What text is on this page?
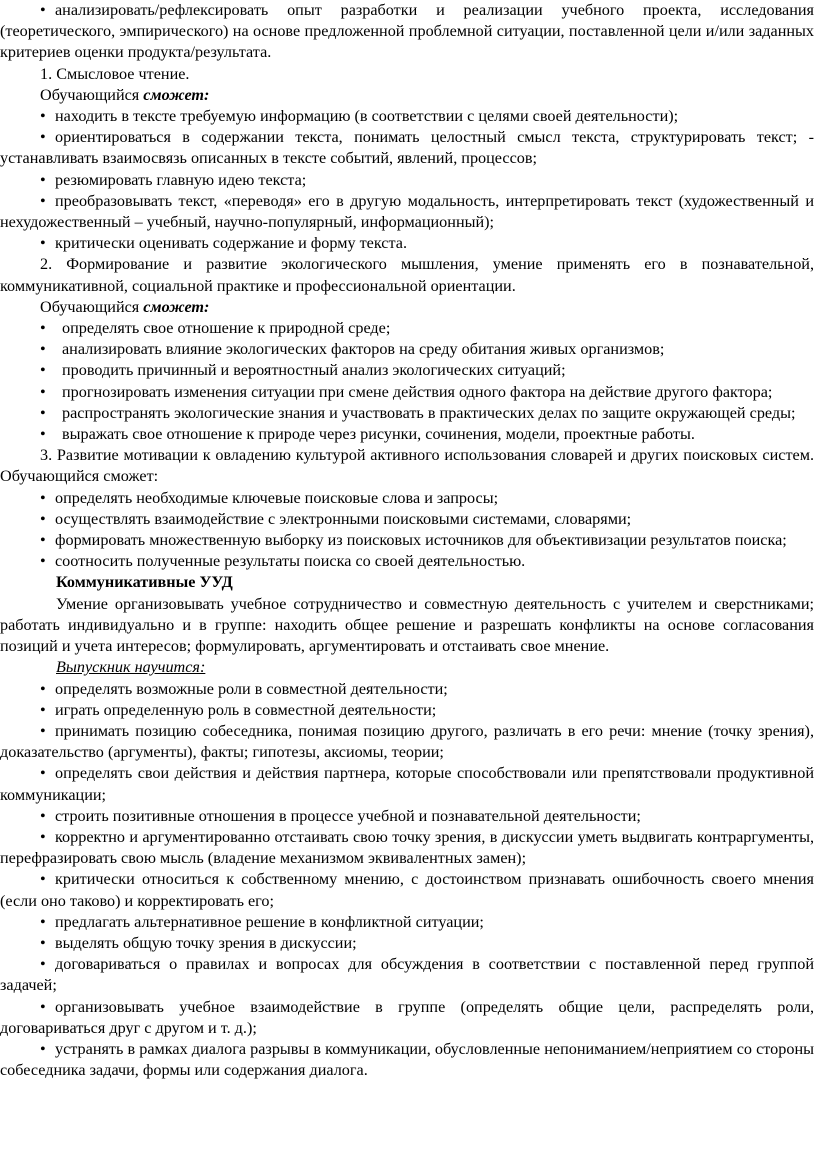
• анализировать/рефлексировать опыт разработки и реализации учебного проекта, исследования (теоретического, эмпирического) на основе предложенной проблемной ситуации, поставленной цели и/или заданных критериев оценки продукта/результата.

1. Смысловое чтение.

Обучающийся сможет:

• находить в тексте требуемую информацию (в соответствии с целями своей деятельности);

• ориентироваться в содержании текста, понимать целостный смысл текста, структурировать текст; - устанавливать взаимосвязь описанных в тексте событий, явлений, процессов;

• резюмировать главную идею текста;

• преобразовывать текст, «переводя» его в другую модальность, интерпретировать текст (художественный и нехудожественный – учебный, научно-популярный, информационный);

• критически оценивать содержание и форму текста.

2. Формирование и развитие экологического мышления, умение применять его в познавательной, коммуникативной, социальной практике и профессиональной ориентации.

Обучающийся сможет:

• определять свое отношение к природной среде;

• анализировать влияние экологических факторов на среду обитания живых организмов;

• проводить причинный и вероятностный анализ экологических ситуаций;

• прогнозировать изменения ситуации при смене действия одного фактора на действие другого фактора;

• распространять экологические знания и участвовать в практических делах по защите окружающей среды;

• выражать свое отношение к природе через рисунки, сочинения, модели, проектные работы.

3. Развитие мотивации к овладению культурой активного использования словарей и других поисковых систем. Обучающийся сможет:

• определять необходимые ключевые поисковые слова и запросы;

• осуществлять взаимодействие с электронными поисковыми системами, словарями;

• формировать множественную выборку из поисковых источников для объективизации результатов поиска;

• соотносить полученные результаты поиска со своей деятельностью.

Коммуникативные УУД

Умение организовывать учебное сотрудничество и совместную деятельность с учителем и сверстниками; работать индивидуально и в группе: находить общее решение и разрешать конфликты на основе согласования позиций и учета интересов; формулировать, аргументировать и отстаивать свое мнение.

Выпускник научится:

• определять возможные роли в совместной деятельности;

• играть определенную роль в совместной деятельности;

• принимать позицию собеседника, понимая позицию другого, различать в его речи: мнение (точку зрения), доказательство (аргументы), факты; гипотезы, аксиомы, теории;

• определять свои действия и действия партнера, которые способствовали или препятствовали продуктивной коммуникации;

• строить позитивные отношения в процессе учебной и познавательной деятельности;

• корректно и аргументированно отстаивать свою точку зрения, в дискуссии уметь выдвигать контраргументы, перефразировать свою мысль (владение механизмом эквивалентных замен);

• критически относиться к собственному мнению, с достоинством признавать ошибочность своего мнения (если оно таково) и корректировать его;

• предлагать альтернативное решение в конфликтной ситуации;

• выделять общую точку зрения в дискуссии;

• договариваться о правилах и вопросах для обсуждения в соответствии с поставленной перед группой задачей;

• организовывать учебное взаимодействие в группе (определять общие цели, распределять роли, договариваться друг с другом и т. д.);

• устранять в рамках диалога разрывы в коммуникации, обусловленные непониманием/неприятием со стороны собеседника задачи, формы или содержания диалога.
